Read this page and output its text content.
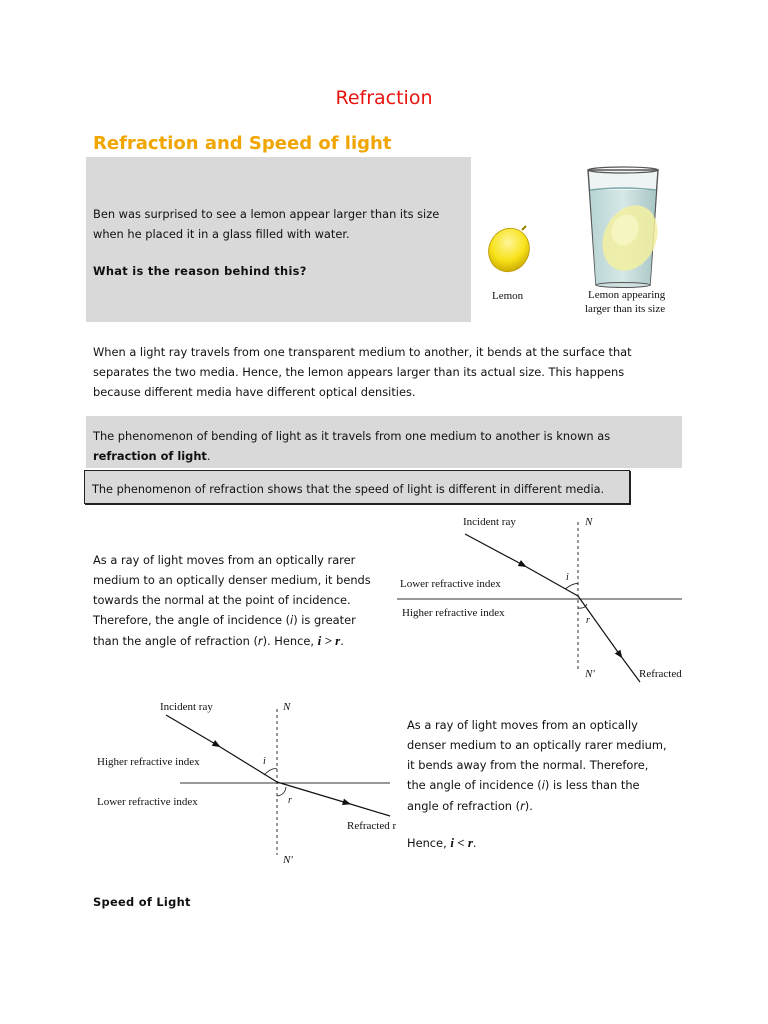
Refraction
Refraction and Speed of light
Ben was surprised to see a lemon appear larger than its size
when he placed it in a glass filled with water.
What is the reason behind this?
Lemon	Lemon appearing
larger than its size
When a light ray travels from one transparent medium to another, it bends at the surface that
separates the two media. Hence, the lemon appears larger than its actual size. This happens
because different media have different optical densities.
The phenomenon of bending of light as it travels from one medium to another is known as
refraction of light.
The phenomenon of refraction shows that the speed of light is different in different media.
As a ray of light moves from an optically rarer
medium to an optically denser medium, it bends
towards the normal at the point of incidence.
Therefore, the angle of incidence (i) is greater
than the angle of refraction (r). Hence, i > r.
Incident ray	N
Lower refractive index
Higher refractive index
i
r
N'	Refracted
Incident ray	N
Higher refractive index
Lower refractive index
i
r
Refracted r
N'
As a ray of light moves from an optically
denser medium to an optically rarer medium,
it bends away from the normal. Therefore,
the angle of incidence (i) is less than the
angle of refraction (r).
Hence, i < r.
Speed of Light
